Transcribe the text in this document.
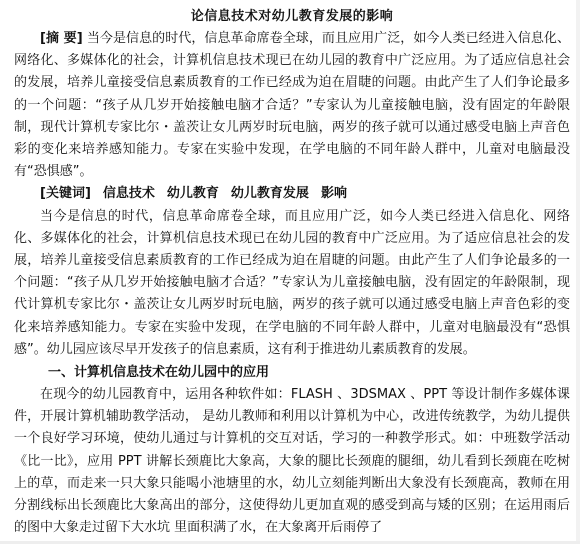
论信息技术对幼儿教育发展的影响

[摘 要] 当今是信息的时代，信息革命席卷全球，而且应用广泛，如今人类已经进入信息化、网络化、多媒体化的社会，计算机信息技术现已在幼儿园的教育中广泛应用。为了适应信息社会的发展，培养儿童接受信息素质教育的工作已经成为迫在眉睫的问题。由此产生了人们争论最多的一个问题：“孩子从几岁开始接触电脑才合适？”专家认为儿童接触电脑，没有固定的年龄限制，现代计算机专家比尔・盖茨让女儿两岁时玩电脑，两岁的孩子就可以通过感受电脑上声音色彩的变化来培养感知能力。专家在实验中发现，在学电脑的不同年龄人群中，儿童对电脑最没有“恐惧感”。

[关键词] 信息技术 幼儿教育 幼儿教育发展 影响

当今是信息的时代，信息革命席卷全球，而且应用广泛，如今人类已经进入信息化、网络化、多媒体化的社会，计算机信息技术现已在幼儿园的教育中广泛应用。为了适应信息社会的发展，培养儿童接受信息素质教育的工作已经成为迫在眉睫的问题。由此产生了人们争论最多的一个问题：“孩子从几岁开始接触电脑才合适？”专家认为儿童接触电脑，没有固定的年龄限制，现代计算机专家比尔・盖茨让女儿两岁时玩电脑，两岁的孩子就可以通过感受电脑上声音色彩的变化来培养感知能力。专家在实验中发现，在学电脑的不同年龄人群中，儿童对电脑最没有“恐惧感”。幼儿园应该尽早开发孩子的信息素质，这有利于推进幼儿素质教育的发展。

一、计算机信息技术在幼儿园中的应用

在现今的幼儿园教育中，运用各种软件如：FLASH 、3DSMAX 、PPT 等设计制作多媒体课件，开展计算机辅助教学活动， 是幼儿教师和利用以计算机为中心，改进传统教学，为幼儿提供一个良好学习环境，使幼儿通过与计算机的交互对话，学习的一种教学形式。如：中班数学活动《比一比》，应用 PPT 讲解长颈鹿比大象高，大象的腿比长颈鹿的腿细，幼儿看到长颈鹿在吃树上的草，而走来一只大象只能喝小池塘里的水，幼儿立刻能判断出大象没有长颈鹿高，教师在用分割线标出长颈鹿比大象高出的部分，这使得幼儿更加直观的感受到高与矮的区别；在运用雨后的图中大象走过留下大水坑 里面积满了水，在大象离开后雨停了
